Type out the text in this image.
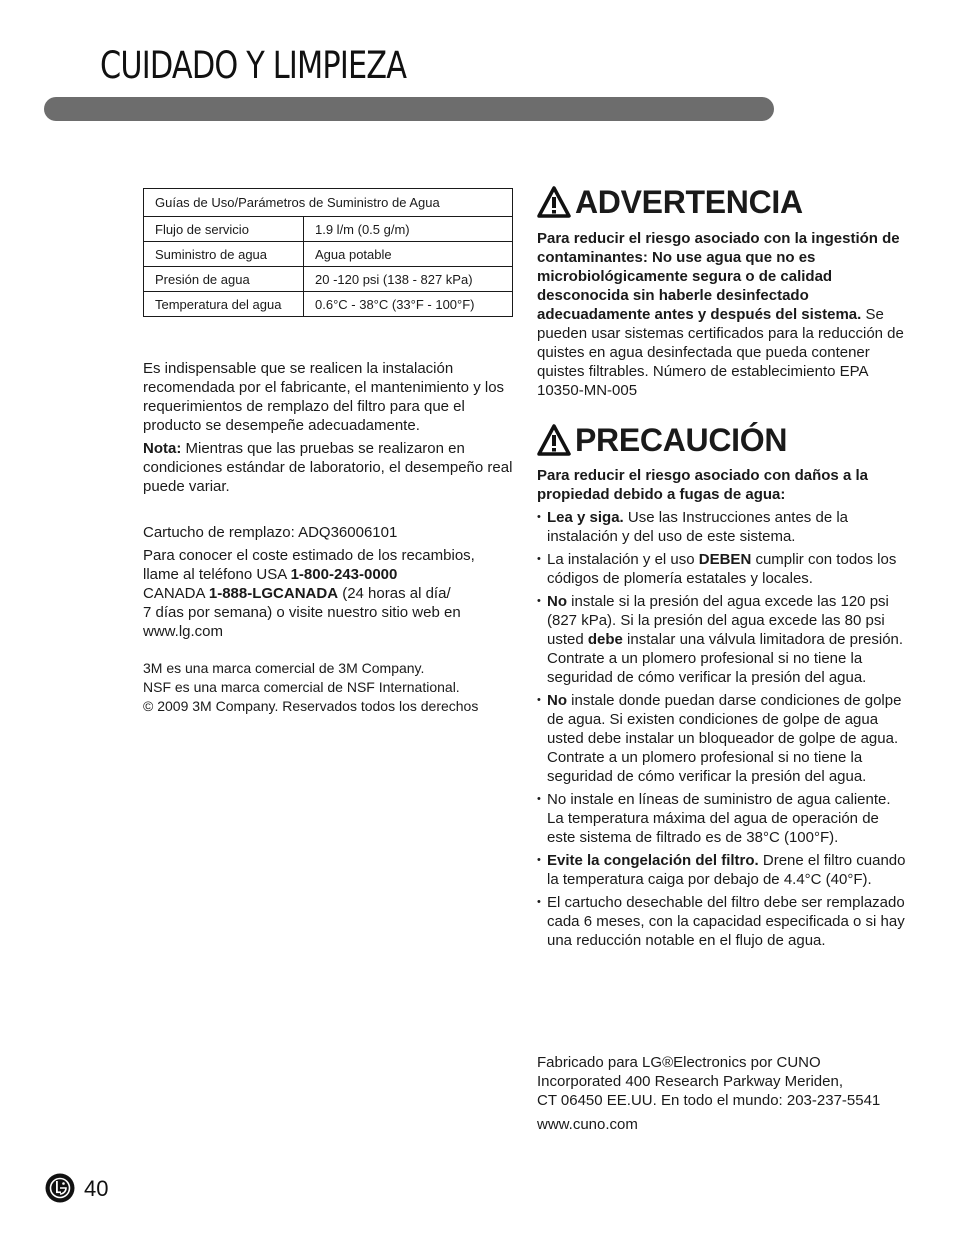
CUIDADO Y LIMPIEZA
Guías de Uso/Parámetros de Suministro de Agua	
Flujo de servicio	1.9 l/m (0.5 g/m)
Suministro de agua	Agua potable
Presión de agua	20 -120 psi (138 - 827 kPa)
Temperatura del agua	0.6°C - 38°C (33°F - 100°F)

Es indispensable que se realicen la instalación recomendada por el fabricante, el mantenimiento y los requerimientos de remplazo del filtro para que el producto se desempeñe adecuadamente.

Nota: Mientras que las pruebas se realizaron en condiciones estándar de laboratorio, el desempeño real puede variar.

Cartucho de remplazo: ADQ36006101

Para conocer el coste estimado de los recambios, llame al teléfono USA 1-800-243-0000
CANADA 1-888-LGCANADA (24 horas al día/
7 días por semana) o visite nuestro sitio web en www.lg.com

3M es una marca comercial de 3M Company.

NSF es una marca comercial de NSF International.

© 2009 3M Company. Reservados todos los derechos

ADVERTENCIA

Para reducir el riesgo asociado con la ingestión de contaminantes: No use agua que no es microbiológicamente segura o de calidad desconocida sin haberle desinfectado adecuadamente antes y después del sistema. Se pueden usar sistemas certificados para la reducción de quistes en agua desinfectada que pueda contener quistes filtrables. Número de establecimiento EPA 10350-MN-005

PRECAUCIÓN

Para reducir el riesgo asociado con daños a la propiedad debido a fugas de agua:

• Lea y siga. Use las Instrucciones antes de la instalación y del uso de este sistema.
• La instalación y el uso DEBEN cumplir con todos los códigos de plomería estatales y locales.
• No instale si la presión del agua excede las 120 psi (827 kPa). Si la presión del agua excede las 80 psi usted debe instalar una válvula limitadora de presión. Contrate a un plomero profesional si no tiene la seguridad de cómo verificar la presión del agua.
• No instale donde puedan darse condiciones de golpe de agua. Si existen condiciones de golpe de agua usted debe instalar un bloqueador de golpe de agua. Contrate a un plomero profesional si no tiene la seguridad de cómo verificar la presión del agua.
• No instale en líneas de suministro de agua caliente. La temperatura máxima del agua de operación de este sistema de filtrado es de 38°C (100°F).
• Evite la congelación del filtro. Drene el filtro cuando la temperatura caiga por debajo de 4.4°C (40°F).
• El cartucho desechable del filtro debe ser remplazado cada 6 meses, con la capacidad especificada o si hay una reducción notable en el flujo de agua.

Fabricado para LG®Electronics por CUNO

Incorporated 400 Research Parkway Meriden,

CT 06450 EE.UU. En todo el mundo: 203-237-5541

www.cuno.com

40
